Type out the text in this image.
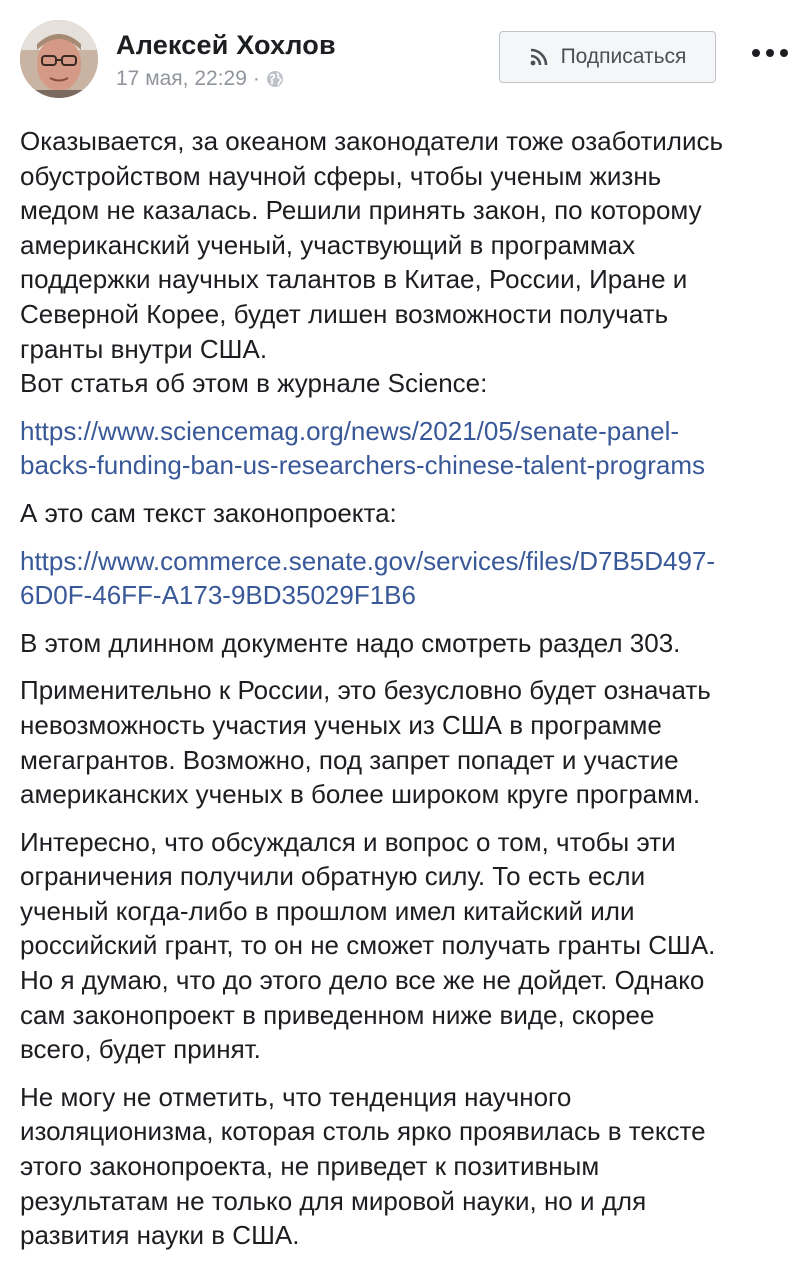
Алексей Хохлов
17 мая, 22:29 ·
Подписаться

Оказывается, за океаном законодатели тоже озаботились
обустройством научной сферы, чтобы ученым жизнь
медом не казалась. Решили принять закон, по которому
американский ученый, участвующий в программах
поддержки научных талантов в Китае, России, Иране и
Северной Корее, будет лишен возможности получать
гранты внутри США.
Вот статья об этом в журнале Science:

https://www.sciencemag.org/news/2021/05/senate-panel-
backs-funding-ban-us-researchers-chinese-talent-programs

А это сам текст законопроекта:

https://www.commerce.senate.gov/services/files/D7B5D497-
6D0F-46FF-A173-9BD35029F1B6

В этом длинном документе надо смотреть раздел 303.

Применительно к России, это безусловно будет означать
невозможность участия ученых из США в программе
мегагрантов. Возможно, под запрет попадет и участие
американских ученых в более широком круге программ.

Интересно, что обсуждался и вопрос о том, чтобы эти
ограничения получили обратную силу. То есть если
ученый когда-либо в прошлом имел китайский или
российский грант, то он не сможет получать гранты США.
Но я думаю, что до этого дело все же не дойдет. Однако
сам законопроект в приведенном ниже виде, скорее
всего, будет принят.

Не могу не отметить, что тенденция научного
изоляционизма, которая столь ярко проявилась в тексте
этого законопроекта, не приведет к позитивным
результатам не только для мировой науки, но и для
развития науки в США.
